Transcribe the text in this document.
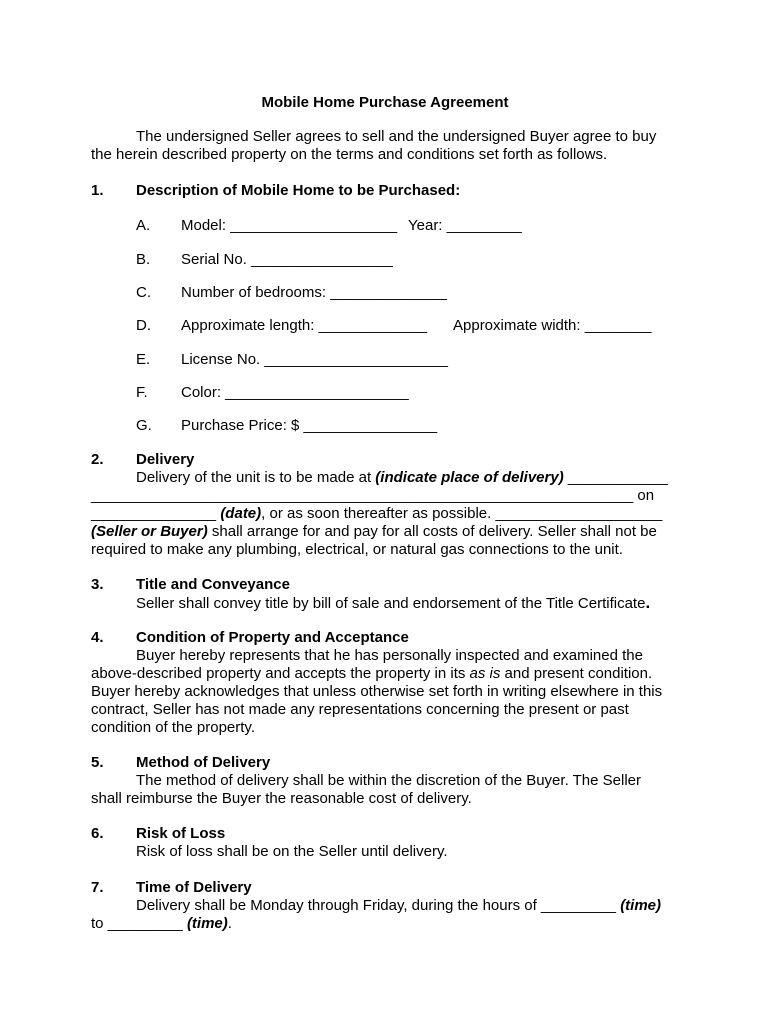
Mobile Home Purchase Agreement
The undersigned Seller agrees to sell and the undersigned Buyer agree to buy
the herein described property on the terms and conditions set forth as follows.
1. Description of Mobile Home to be Purchased:
A. Model: ____________________ Year: _________
B. Serial No. _________________
C. Number of bedrooms: ______________
D. Approximate length: _____________ Approximate width: ________
E. License No. ______________________
F. Color: ______________________
G. Purchase Price: $ ________________
2. Delivery
Delivery of the unit is to be made at (indicate place of delivery) ____________
_________________________________________________________________ on
_______________ (date), or as soon thereafter as possible. ____________________
(Seller or Buyer) shall arrange for and pay for all costs of delivery. Seller shall not be
required to make any plumbing, electrical, or natural gas connections to the unit.
3. Title and Conveyance
Seller shall convey title by bill of sale and endorsement of the Title Certificate.
4. Condition of Property and Acceptance
Buyer hereby represents that he has personally inspected and examined the
above-described property and accepts the property in its as is and present condition.
Buyer hereby acknowledges that unless otherwise set forth in writing elsewhere in this
contract, Seller has not made any representations concerning the present or past
condition of the property.
5. Method of Delivery
The method of delivery shall be within the discretion of the Buyer. The Seller
shall reimburse the Buyer the reasonable cost of delivery.
6. Risk of Loss
Risk of loss shall be on the Seller until delivery.
7. Time of Delivery
Delivery shall be Monday through Friday, during the hours of _________ (time)
to _________ (time).
